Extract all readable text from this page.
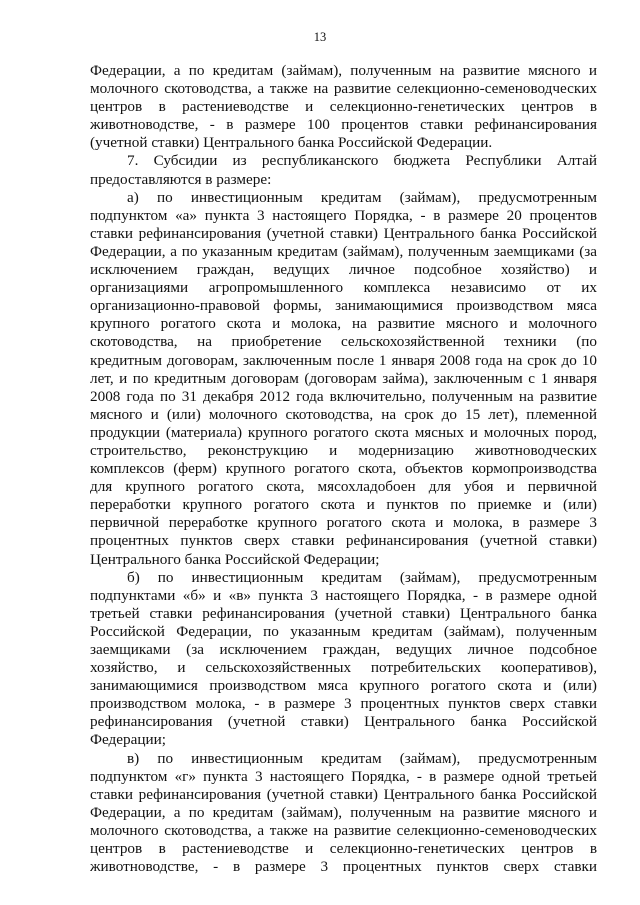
13
Федерации, а по кредитам (займам), полученным на развитие мясного и
молочного скотоводства, а также на развитие селекционно-семеноводческих
центров в растениеводстве и селекционно-генетических центров в
животноводстве, - в размере 100 процентов ставки рефинансирования
(учетной ставки) Центрального банка Российской Федерации.
7. Субсидии из республиканского бюджета Республики Алтай
предоставляются в размере:
а) по инвестиционным кредитам (займам), предусмотренным
подпунктом «а» пункта 3 настоящего Порядка, - в размере 20 процентов
ставки рефинансирования (учетной ставки) Центрального банка Российской
Федерации, а по указанным кредитам (займам), полученным заемщиками (за
исключением граждан, ведущих личное подсобное хозяйство) и
организациями агропромышленного комплекса независимо от их
организационно-правовой формы, занимающимися производством мяса
крупного рогатого скота и молока, на развитие мясного и молочного
скотоводства, на приобретение сельскохозяйственной техники (по
кредитным договорам, заключенным после 1 января 2008 года на срок до 10
лет, и по кредитным договорам (договорам займа), заключенным с 1 января
2008 года по 31 декабря 2012 года включительно, полученным на развитие
мясного и (или) молочного скотоводства, на срок до 15 лет), племенной
продукции (материала) крупного рогатого скота мясных и молочных пород,
строительство, реконструкцию и модернизацию животноводческих
комплексов (ферм) крупного рогатого скота, объектов кормопроизводства
для крупного рогатого скота, мясохладобоен для убоя и первичной
переработки крупного рогатого скота и пунктов по приемке и (или)
первичной переработке крупного рогатого скота и молока, в размере 3
процентных пунктов сверх ставки рефинансирования (учетной ставки)
Центрального банка Российской Федерации;
б) по инвестиционным кредитам (займам), предусмотренным
подпунктами «б» и «в» пункта 3 настоящего Порядка, - в размере одной
третьей ставки рефинансирования (учетной ставки) Центрального банка
Российской Федерации, по указанным кредитам (займам), полученным
заемщиками (за исключением граждан, ведущих личное подсобное
хозяйство, и сельскохозяйственных потребительских кооперативов),
занимающимися производством мяса крупного рогатого скота и (или)
производством молока, - в размере 3 процентных пунктов сверх ставки
рефинансирования (учетной ставки) Центрального банка Российской
Федерации;
в) по инвестиционным кредитам (займам), предусмотренным
подпунктом «г» пункта 3 настоящего Порядка, - в размере одной третьей
ставки рефинансирования (учетной ставки) Центрального банка Российской
Федерации, а по кредитам (займам), полученным на развитие мясного и
молочного скотоводства, а также на развитие селекционно-семеноводческих
центров в растениеводстве и селекционно-генетических центров в
животноводстве, - в размере 3 процентных пунктов сверх ставки
